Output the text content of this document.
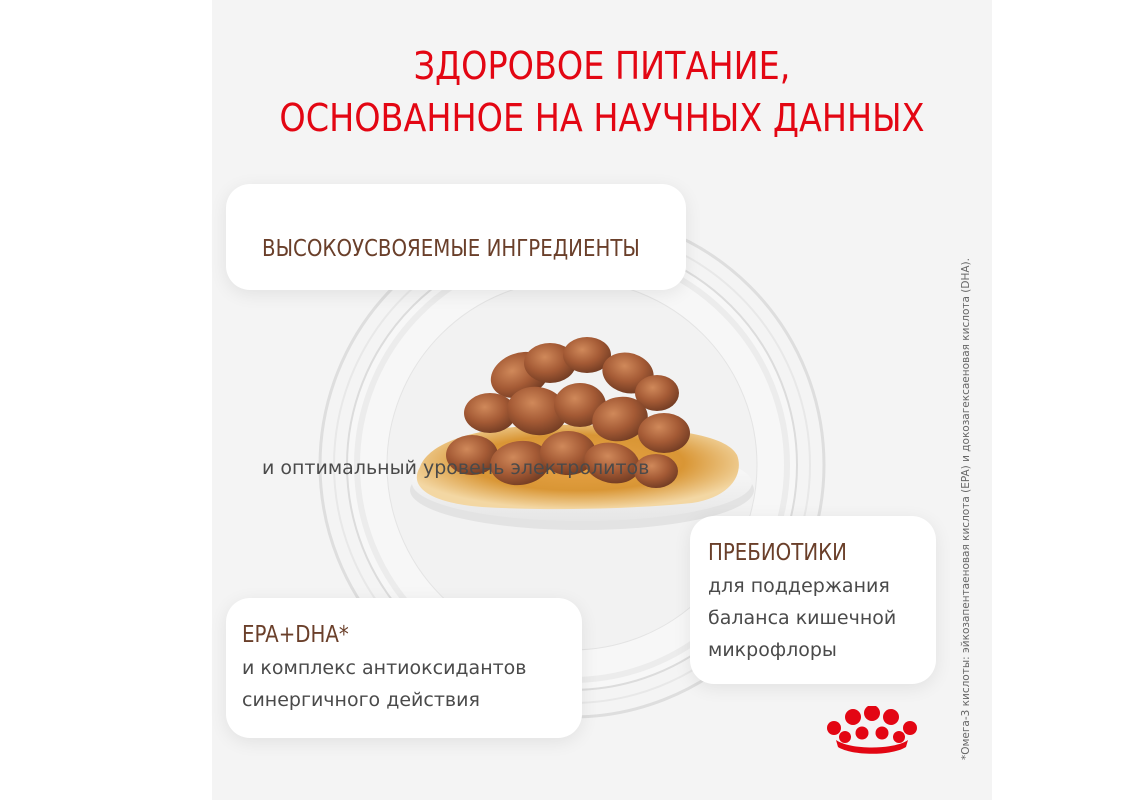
ЗДОРОВОЕ ПИТАНИЕ,
ОСНОВАННОЕ НА НАУЧНЫХ ДАННЫХ
ВЫСОКОУСВОЯЕМЫЕ ИНГРЕДИЕНТЫ
и оптимальный уровень электролитов
ПРЕБИОТИКИ
для поддержания
баланса кишечной
микрофлоры
EPA+DHA*
и комплекс антиоксидантов
синергичного действия	*Омега-3 кислоты: эйкозапентаеновая кислота (EPA) и докозагексаеновая кислота (DHA).
